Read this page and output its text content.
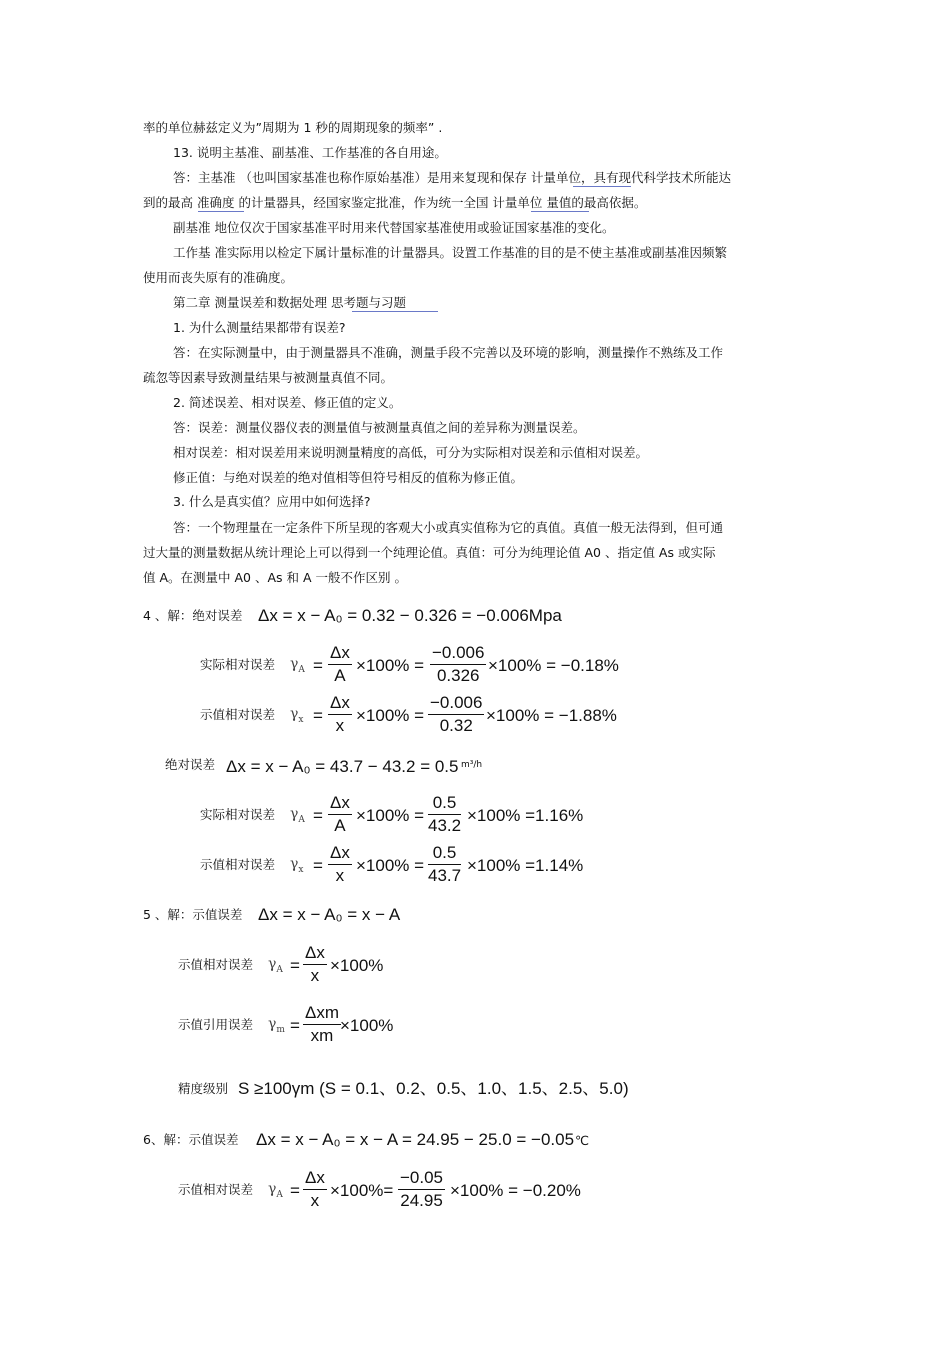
率的单位赫兹定义为”周期为 1 秒的周期现象的频率” .
13. 说明主基准、副基准、工作基准的各自用途。
答：主基准 （也叫国家基准也称作原始基准）是用来复现和保存 计量单位，具有现代科学技术所能达
到的最高 准确度 的计量器具，经国家鉴定批准，作为统一全国 计量单位 量值的最高依据。
副基准 地位仅次于国家基准平时用来代替国家基准使用或验证国家基准的变化。
工作基 准实际用以检定下属计量标准的计量器具。设置工作基准的目的是不使主基准或副基准因频繁
使用而丧失原有的准确度。
第二章 测量误差和数据处理 思考题与习题
1. 为什么测量结果都带有误差?
答：在实际测量中，由于测量器具不准确，测量手段不完善以及环境的影响，测量操作不熟练及工作
疏忽等因素导致测量结果与被测量真值不同。
2. 简述误差、相对误差、修正值的定义。
答：误差：测量仪器仪表的测量值与被测量真值之间的差异称为测量误差。
相对误差：相对误差用来说明测量精度的高低，可分为实际相对误差和示值相对误差。
修正值：与绝对误差的绝对值相等但符号相反的值称为修正值。
3. 什么是真实值？应用中如何选择?
答：一个物理量在一定条件下所呈现的客观大小或真实值称为它的真值。真值一般无法得到，但可通
过大量的测量数据从统计理论上可以得到一个纯理论值。真值：可分为纯理论值 A0 、指定值 As 或实际
值 A。在测量中 A0 、As 和 A 一般不作区别 。
4 、解：绝对误差 Δx = x − A₀ = 0.32 − 0.326 = −0.006Mpa
实际相对误差 $\gamma_A = \frac{\Delta x}{A} \times 100\% = \frac{-0.006}{0.326} \times 100\% = -0.18\%$
示值相对误差 $\gamma_x = \frac{\Delta x}{x} \times 100\% = \frac{-0.006}{0.32} \times 100\% = -1.88\%$
绝对误差 Δx = x − A₀ = 43.7 − 43.2 = 0.5 m³/h
实际相对误差 $\gamma_A = \frac{\Delta x}{A} \times 100\% = \frac{0.5}{43.2} \times 100\% =1.16\%$
示值相对误差 $\gamma_x = \frac{\Delta x}{x} \times 100\% = \frac{0.5}{43.7} \times 100\% =1.14\%$
5 、解：示值误差 Δx = x − A₀ = x − A
示值相对误差 $\gamma_A = \frac{\Delta x}{x} \times 100\%$
示值引用误差 $\gamma_m$ =
Δxm
xm
×100%
精度级别 S ≥100γm (S = 0.1、0.2、0.5、1.0、1.5、2.5、5.0)
6、解：示值误差 Δx = x − A₀ = x − A = 24.95 − 25.0 = −0.05 ℃
示值相对误差 $\gamma_A = \frac{\Delta x}{x} \times 100\%= \frac{-0.05}{24.95} \times 100\% = -0.20\%$
